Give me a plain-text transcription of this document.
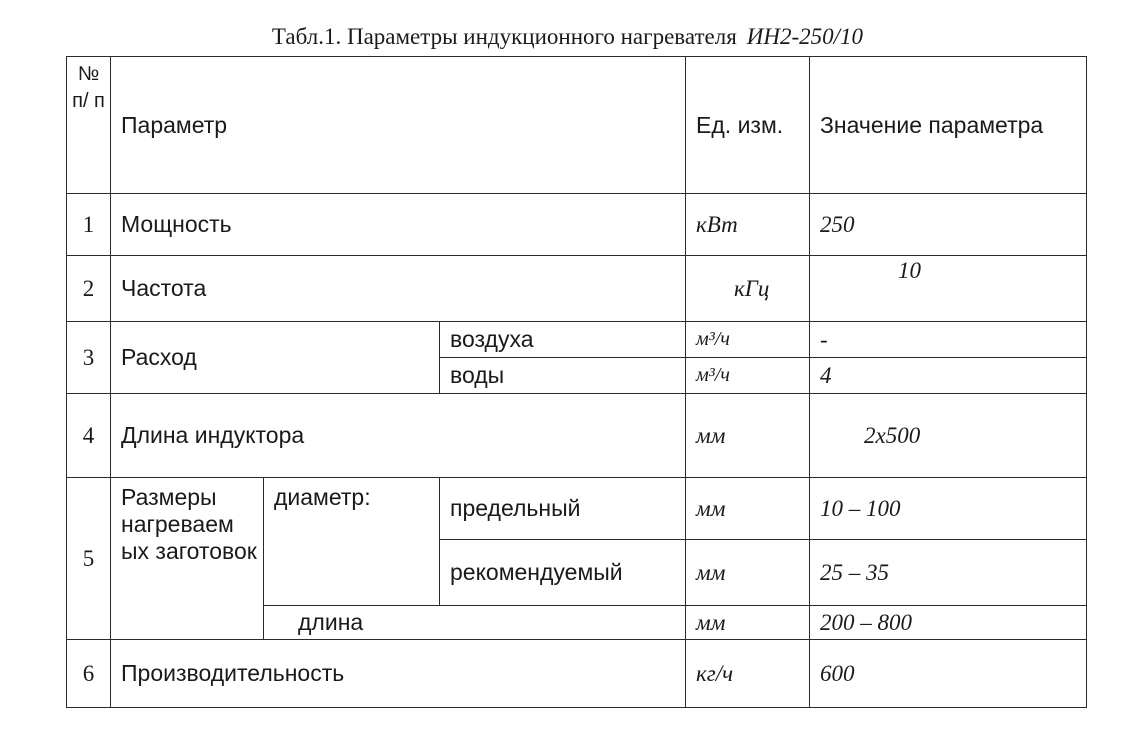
Табл.1. Параметры индукционного нагревателя ИН2-250/10
№ п/ п	Параметр			Ед. изм.	Значение параметра
1	Мощность			кВт	250
2	Частота			кГц	10
3	Расход		воздуха	м³/ч	-
			воды	м³/ч	4
4	Длина индуктора			мм	2x500
5	Размеры нагреваем ых заготовок	диаметр:	предельный	мм	10 – 100
			рекомендуемый	мм	25 – 35
		длина		мм	200 – 800
6	Производительность			кг/ч	600
